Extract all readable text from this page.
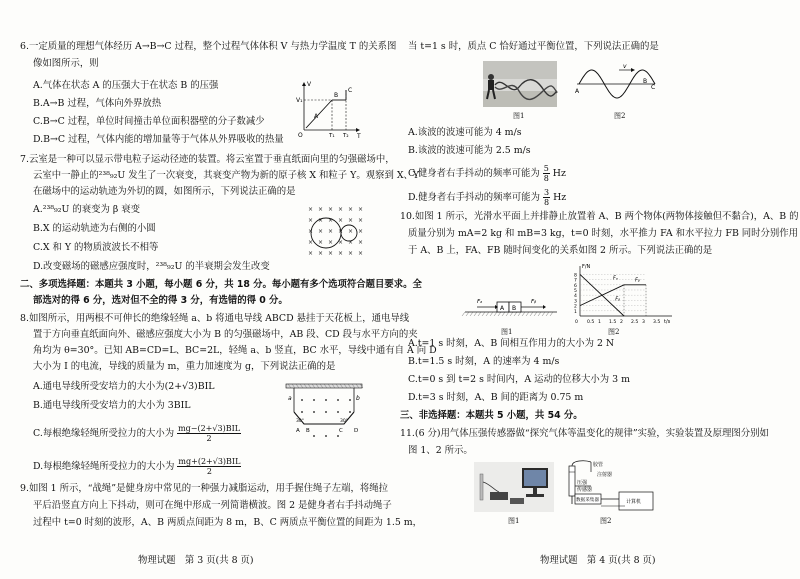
6.一定质量的理想气体经历 A→B→C 过程，整个过程气体体积 V 与热力学温度 T 的关系图
像如图所示，则
A.气体在状态 A 的压强大于在状态 B 的压强
B.A→B 过程，气体向外界放热
C.B→C 过程，单位时间撞击单位面积器壁的分子数减少
D.B→C 过程，气体内能的增加量等于气体从外界吸收的热量
V₁
O	T₁ T₂
V
T
A
B
C
7.云室是一种可以显示带电粒子运动径迹的装置。将云室置于垂直纸面向里的匀强磁场中，
云室中一静止的²³⁸₉₂U 发生了一次衰变，其衰变产物为新的原子核 X 和粒子 Y。观察到 X、Y
在磁场中的运动轨迹为外切的圆，如图所示，下列说法正确的是
A.²³⁸₉₂U 的衰变为 β 衰变
B.X 的运动轨迹为右侧的小圆
C.X 和 Y 的物质波波长不相等
D.改变磁场的磁感应强度时，²³⁸₉₂U 的半衰期会发生改变
× × × × × ×
× × × × × ×
× × × × × ×
× × × × × ×
× × × × × ×
二、多项选择题：本题共 3 小题，每小题 6 分，共 18 分。每小题有多个选项符合题目要求。全
部选对的得 6 分，选对但不全的得 3 分，有选错的得 0 分。
8.如图所示，用两根不可伸长的绝缘轻绳 a、b 将通电导线 ABCD 悬挂于天花板上，通电导线
置于方向垂直纸面向外、磁感应强度大小为 B 的匀强磁场中，AB 段、CD 段与水平方向的夹
角均为 θ=30°。已知 AB=CD=L、BC=2L，轻绳 a、b 竖直，BC 水平，导线中通有自 A 向 D
大小为 I 的电流，导线的质量为 m，重力加速度为 g，下列说法正确的是
A.通电导线所受安培力的大小为(2+√3)BIL
B.通电导线所受安培力的大小为 3BIL
C.每根绝缘轻绳所受拉力的大小为 $\frac{\text{mg−(2+√3)BIL}}{2}$
D.每根绝缘轻绳所受拉力的大小为 $\frac{\text{mg+(2+√3)BIL}}{2}$
a	b
30°	30°
A B	C D
9.如图 1 所示，“战绳”是健身房中常见的一种强力减脂运动，用手握住绳子左端，将绳拉
平后沿竖直方向上下抖动，则可在绳中形成一列简谐横波。图 2 是健身者右手抖动绳子
过程中 t=0 时刻的波形，A、B 两质点间距为 8 m，B、C 两质点平衡位置的间距为 1.5 m，
物理试题　第 3 页(共 8 页)
当 t=1 s 时，质点 C 恰好通过平衡位置，下列说法正确的是
图1
v
A
B
C
图2
A.该波的波速可能为 4 m/s
B.该波的波速可能为 2.5 m/s
C.健身者右手抖动的频率可能为 $\frac{5}{8}$ Hz
D.健身者右手抖动的频率可能为 $\frac{3}{8}$ Hz
10.如图 1 所示，光滑水平面上并排静止放置着 A、B 两个物体(两物体接触但不黏合)，A、B 的
质量分别为 mA=2 kg 和 mB=3 kg，t=0 时刻，水平推力 FA 和水平拉力 FB 同时分别作用
于 A、B 上，FA、FB 随时间变化的关系如图 2 所示。下列说法正确的是
Fₐ	Fᵦ
A B
图1
8
7
6
5
4
3
2
1
0.5 1 1.5 2 2.5 3 3.5
0
F/N
t/s
Fₐ
Fᵦ
Fᵦ
图2
A.t=1 s 时刻，A、B 间相互作用力的大小为 2 N
B.t=1.5 s 时刻，A 的速率为 4 m/s
C.t=0 s 到 t=2 s 时间内，A 运动的位移大小为 3 m
D.t=3 s 时刻，A、B 间的距离为 0.75 m
三、非选择题：本题共 5 小题，共 54 分。
11.(6 分)用气体压强传感器做“探究气体等温变化的规律”实验，实验装置及原理图分别如
图 1、2 所示。
图1
胶管
注射器
压强
传感器
数据采集器	计算机
图2
物理试题　第 4 页(共 8 页)
